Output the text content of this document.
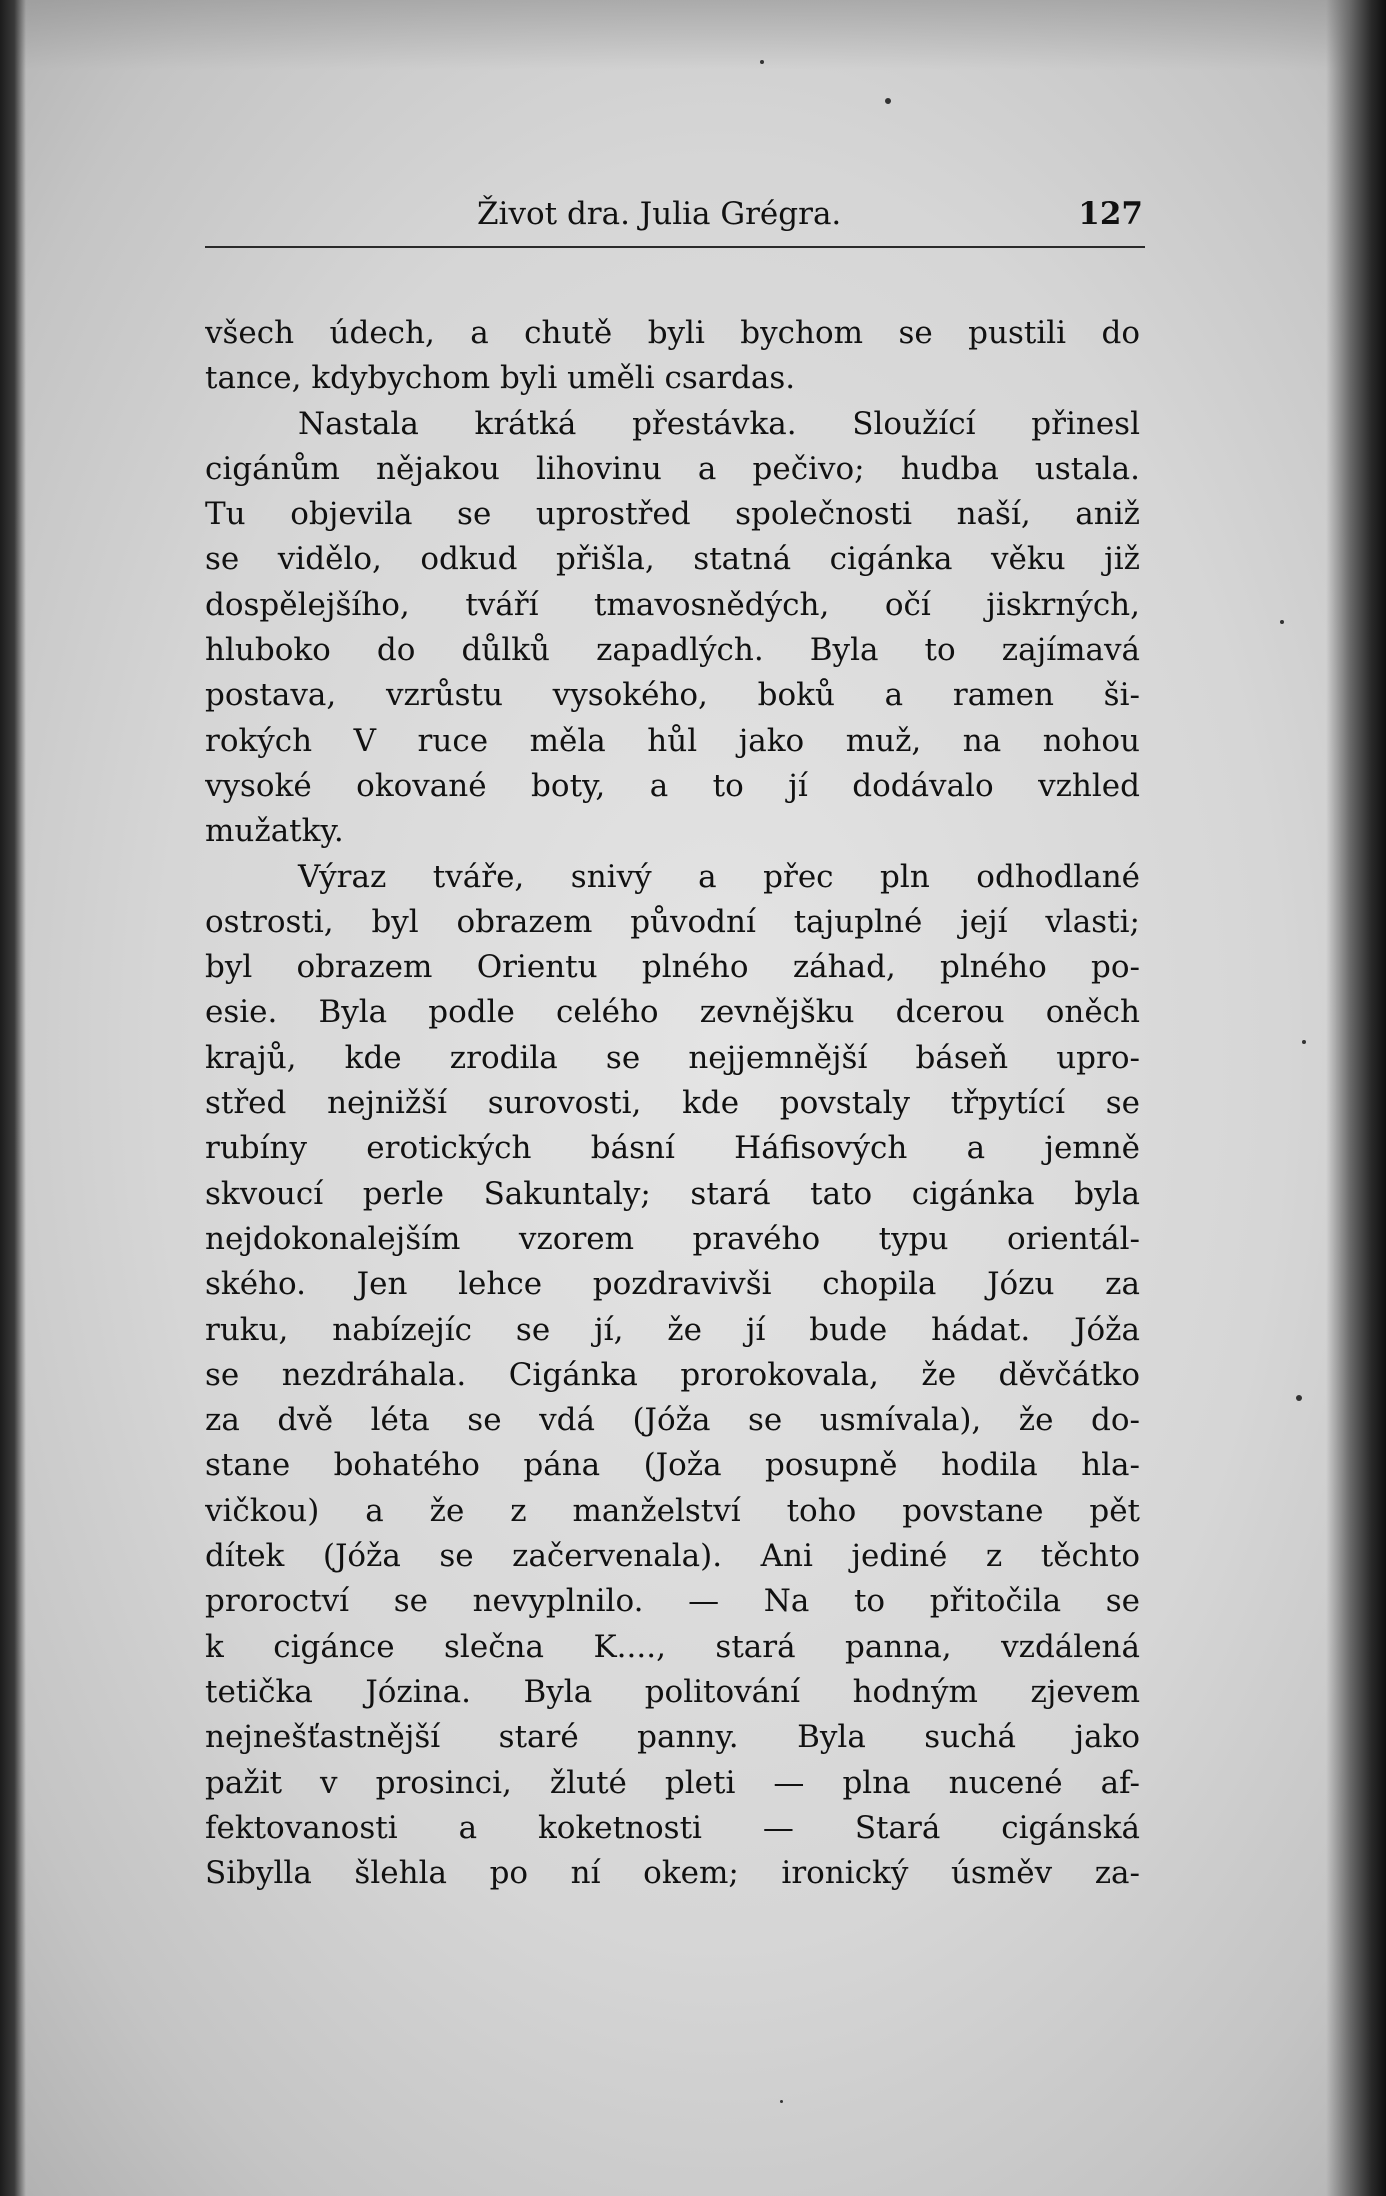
Život dra. Julia Grégra.	127
všech údech, a chutě byli bychom se pustili do
tance, kdybychom byli uměli csardas.
Nastala krátká přestávka. Sloužící přinesl
cigánům nějakou lihovinu a pečivo; hudba ustala.
Tu objevila se uprostřed společnosti naší, aniž
se vidělo, odkud přišla, statná cigánka věku již
dospělejšího, tváří tmavosnědých, očí jiskrných,
hluboko do důlků zapadlých. Byla to zajímavá
postava, vzrůstu vysokého, boků a ramen ši-
rokých V ruce měla hůl jako muž, na nohou
vysoké okované boty, a to jí dodávalo vzhled
mužatky.
Výraz tváře, snivý a přec pln odhodlané
ostrosti, byl obrazem původní tajuplné její vlasti;
byl obrazem Orientu plného záhad, plného po-
esie. Byla podle celého zevnějšku dcerou oněch
krajů, kde zrodila se nejjemnější báseň upro-
střed nejnižší surovosti, kde povstaly třpytící se
rubíny erotických básní Háfisových a jemně
skvoucí perle Sakuntaly; stará tato cigánka byla
nejdokonalejším vzorem pravého typu orientál-
ského. Jen lehce pozdravivši chopila Józu za
ruku, nabízejíc se jí, že jí bude hádat. Jóža
se nezdráhala. Cigánka prorokovala, že děvčátko
za dvě léta se vdá (Jóža se usmívala), že do-
stane bohatého pána (Joža posupně hodila hla-
vičkou) a že z manželství toho povstane pět
dítek (Jóža se začervenala). Ani jediné z těchto
proroctví se nevyplnilo. — Na to přitočila se
k cigánce slečna K...., stará panna, vzdálená
tetička Józina. Byla politování hodným zjevem
nejnešťastnější staré panny. Byla suchá jako
pažit v prosinci, žluté pleti — plna nucené af-
fektovanosti a koketnosti — Stará cigánská
Sibylla šlehla po ní okem; ironický úsměv za-
